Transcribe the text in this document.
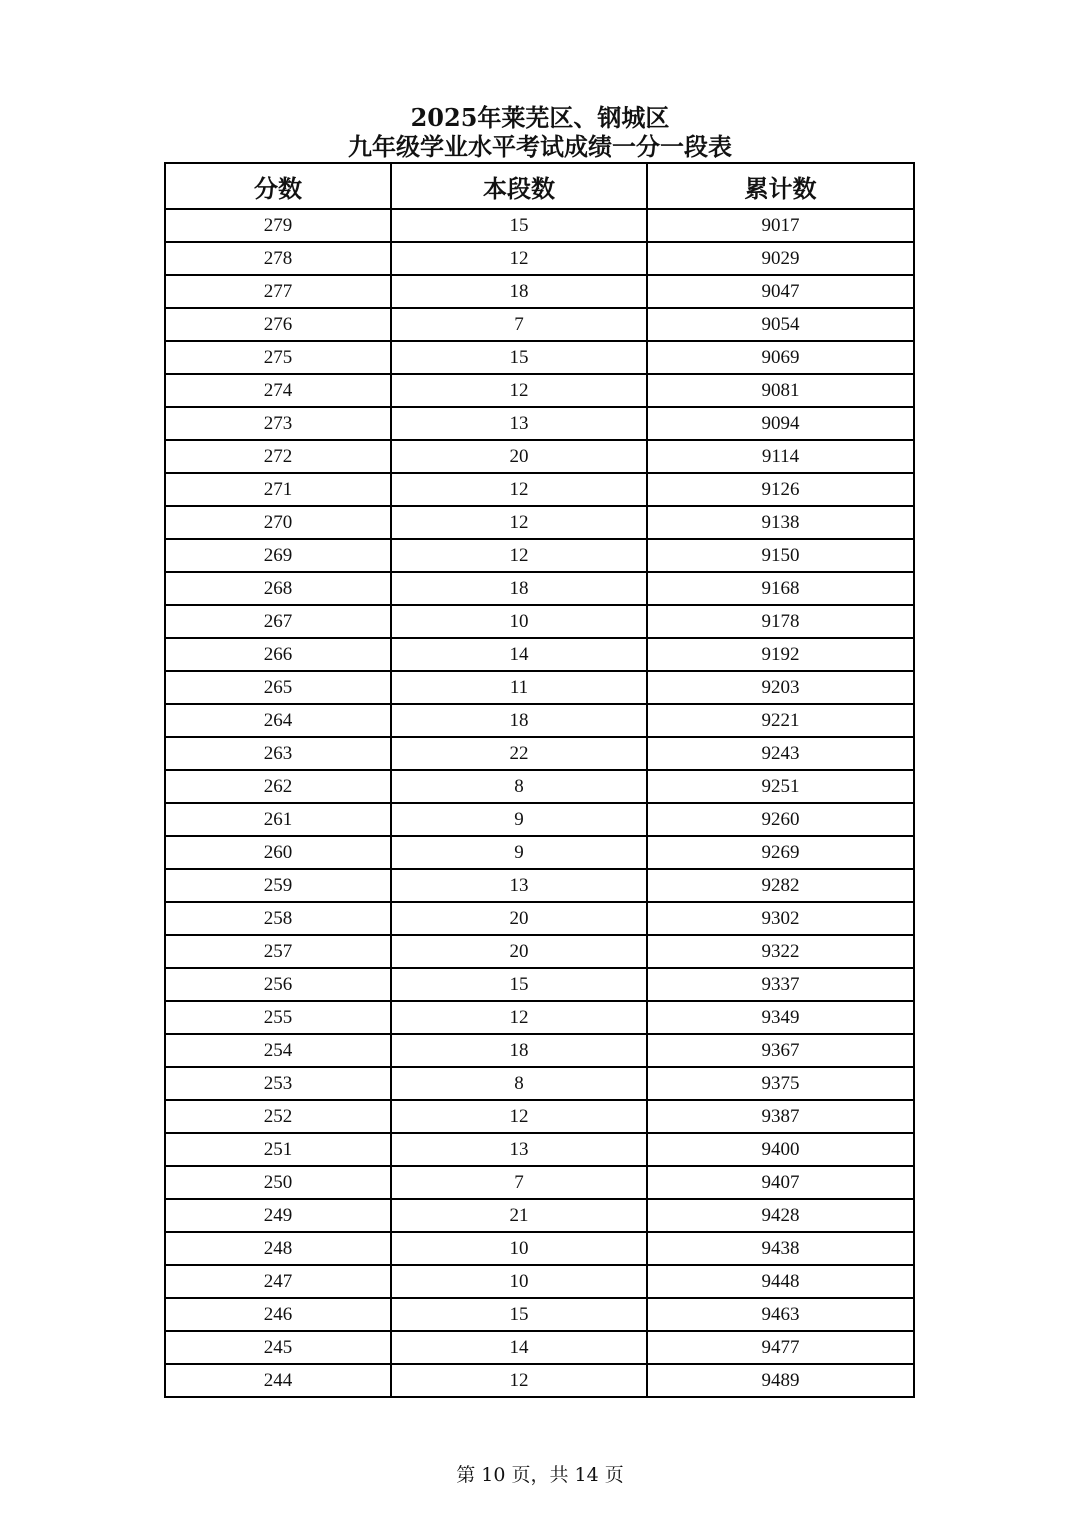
2025年莱芜区、钢城区
九年级学业水平考试成绩一分一段表
分数	本段数	累计数
279	15	9017
278	12	9029
277	18	9047
276	7	9054
275	15	9069
274	12	9081
273	13	9094
272	20	9114
271	12	9126
270	12	9138
269	12	9150
268	18	9168
267	10	9178
266	14	9192
265	11	9203
264	18	9221
263	22	9243
262	8	9251
261	9	9260
260	9	9269
259	13	9282
258	20	9302
257	20	9322
256	15	9337
255	12	9349
254	18	9367
253	8	9375
252	12	9387
251	13	9400
250	7	9407
249	21	9428
248	10	9438
247	10	9448
246	15	9463
245	14	9477
244	12	9489
第 10 页，共 14 页
